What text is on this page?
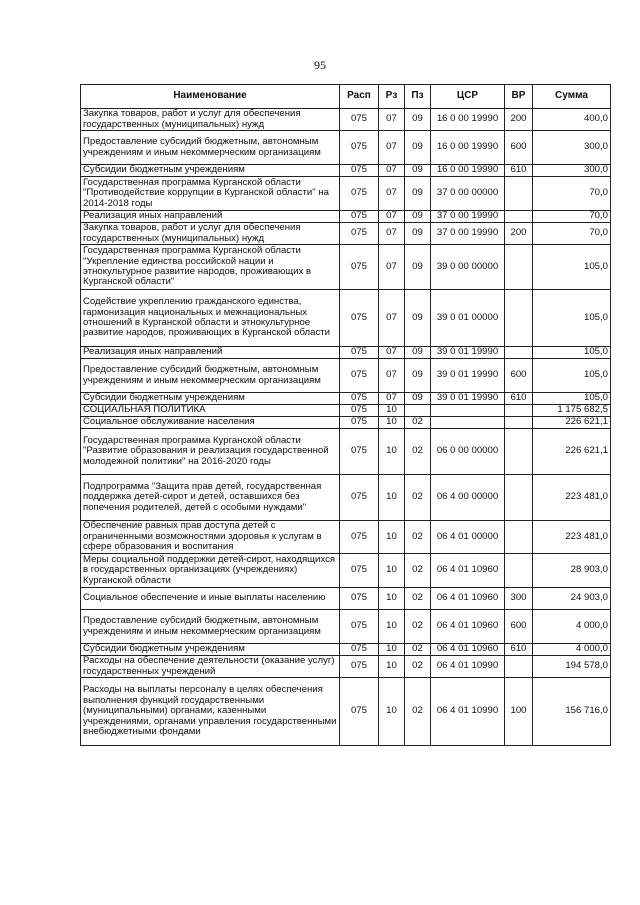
95
Наименование	Расп	Рз	Пз	ЦСР	ВР	Сумма
Закупка товаров, работ и услуг для обеспечения государственных (муниципальных) нужд	075	07	09	16 0 00 19990	200	400,0
Предоставление субсидий бюджетным, автономным учреждениям и иным некоммерческим организациям	075	07	09	16 0 00 19990	600	300,0
Субсидии бюджетным учреждениям	075	07	09	16 0 00 19990	610	300,0
Государственная программа Курганской области "Противодействие коррупции в Курганской области" на 2014-2018 годы	075	07	09	37 0 00 00000		70,0
Реализация иных направлений	075	07	09	37 0 00 19990		70,0
Закупка товаров, работ и услуг для обеспечения государственных (муниципальных) нужд	075	07	09	37 0 00 19990	200	70,0
Государственная программа Курганской области "Укрепление единства российской нации и этнокультурное развитие народов, проживающих в Курганской области"	075	07	09	39 0 00 00000		105,0
Содействие укреплению гражданского единства, гармонизация национальных и межнациональных отношений в Курганской области и этнокультурное развитие народов, проживающих в Курганской области	075	07	09	39 0 01 00000		105,0
Реализация иных направлений	075	07	09	39 0 01 19990		105,0
Предоставление субсидий бюджетным, автономным учреждениям и иным некоммерческим организациям	075	07	09	39 0 01 19990	600	105,0
Субсидии бюджетным учреждениям	075	07	09	39 0 01 19990	610	105,0
СОЦИАЛЬНАЯ ПОЛИТИКА	075	10				1 175 682,5
Социальное обслуживание населения	075	10	02			226 621,1
Государственная программа Курганской области "Развитие образования и реализация государственной молодежной политики" на 2016-2020 годы	075	10	02	06 0 00 00000		226 621,1
Подпрограмма "Защита прав детей, государственная поддержка детей-сирот и детей, оставшихся без попечения родителей, детей с особыми нуждами"	075	10	02	06 4 00 00000		223 481,0
Обеспечение равных прав доступа детей с ограниченными возможностями здоровья к услугам в сфере образования и воспитания	075	10	02	06 4 01 00000		223 481,0
Меры социальной поддержки детей-сирот, находящихся в государственных организациях (учреждениях) Курганской области	075	10	02	06 4 01 10960		28 903,0
Социальное обеспечение и иные выплаты населению	075	10	02	06 4 01 10960	300	24 903,0
Предоставление субсидий бюджетным, автономным учреждениям и иным некоммерческим организациям	075	10	02	06 4 01 10960	600	4 000,0
Субсидии бюджетным учреждениям	075	10	02	06 4 01 10960	610	4 000,0
Расходы на обеспечение деятельности (оказание услуг) государственных учреждений	075	10	02	06 4 01 10990		194 578,0
Расходы на выплаты персоналу в целях обеспечения выполнения функций государственными (муниципальными) органами, казенными учреждениями, органами управления государственными внебюджетными фондами	075	10	02	06 4 01 10990	100	156 716,0
